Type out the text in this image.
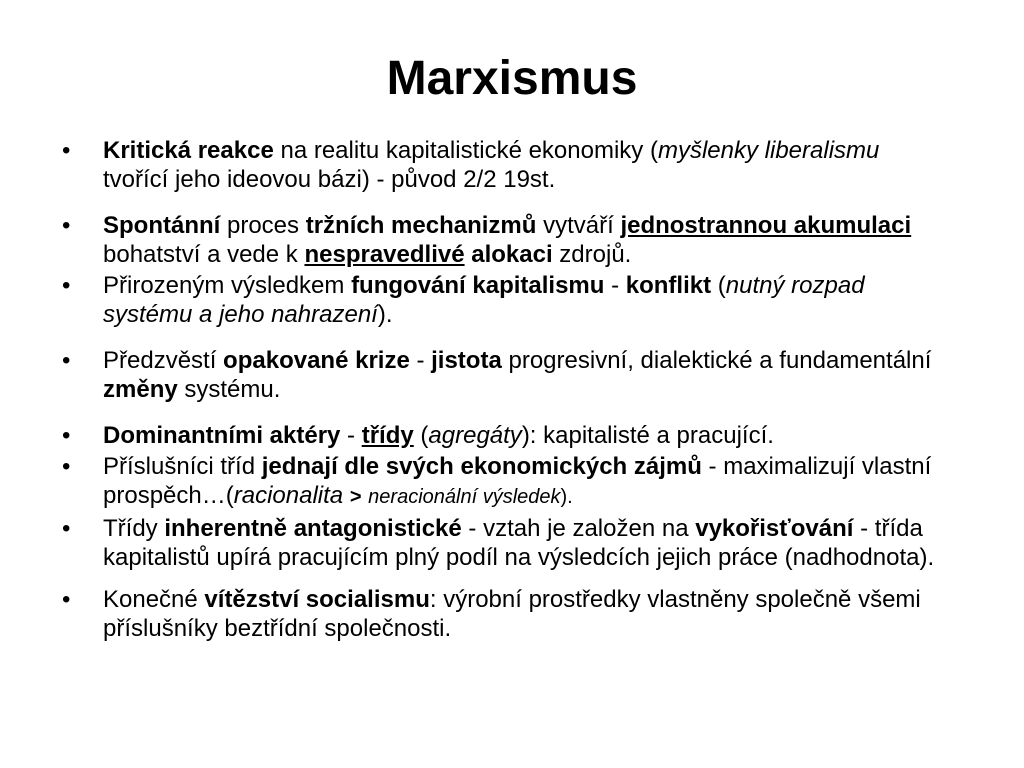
Marxismus
• Kritická reakce na realitu kapitalistické ekonomiky (myšlenky liberalismu tvořící jeho ideovou bázi) - původ 2/2 19st.
• Spontánní proces tržních mechanizmů vytváří jednostrannou akumulaci bohatství a vede k nespravedlivé alokaci zdrojů.
• Přirozeným výsledkem fungování kapitalismu - konflikt (nutný rozpad systému a jeho nahrazení).
• Předzvěstí opakované krize - jistota progresivní, dialektické a fundamentální změny systému.
• Dominantními aktéry - třídy (agregáty): kapitalisté a pracující.
• Příslušníci tříd jednají dle svých ekonomických zájmů - maximalizují vlastní prospěch…(racionalita > neracionální výsledek).
• Třídy inherentně antagonistické - vztah je založen na vykořisťování - třída kapitalistů upírá pracujícím plný podíl na výsledcích jejich práce (nadhodnota).
• Konečné vítězství socialismu: výrobní prostředky vlastněny společně všemi příslušníky beztřídní společnosti.
